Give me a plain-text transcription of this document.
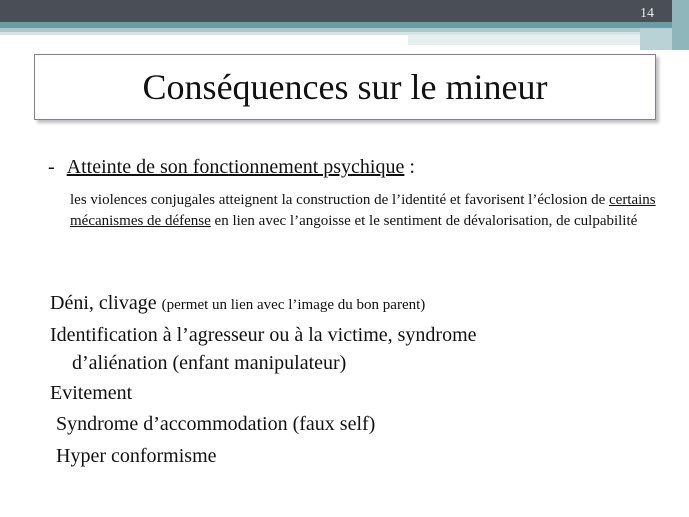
14
Conséquences sur le mineur
- Atteinte de son fonctionnement psychique :
les violences conjugales atteignent la construction de l’identité et favorisent l’éclosion de certains mécanismes de défense en lien avec l’angoisse et le sentiment de dévalorisation, de culpabilité
Déni, clivage (permet un lien avec l’image du bon parent)
Identification à l’agresseur ou à la victime, syndrome
d’aliénation (enfant manipulateur)
Evitement
Syndrome d’accommodation (faux self)
Hyper conformisme
